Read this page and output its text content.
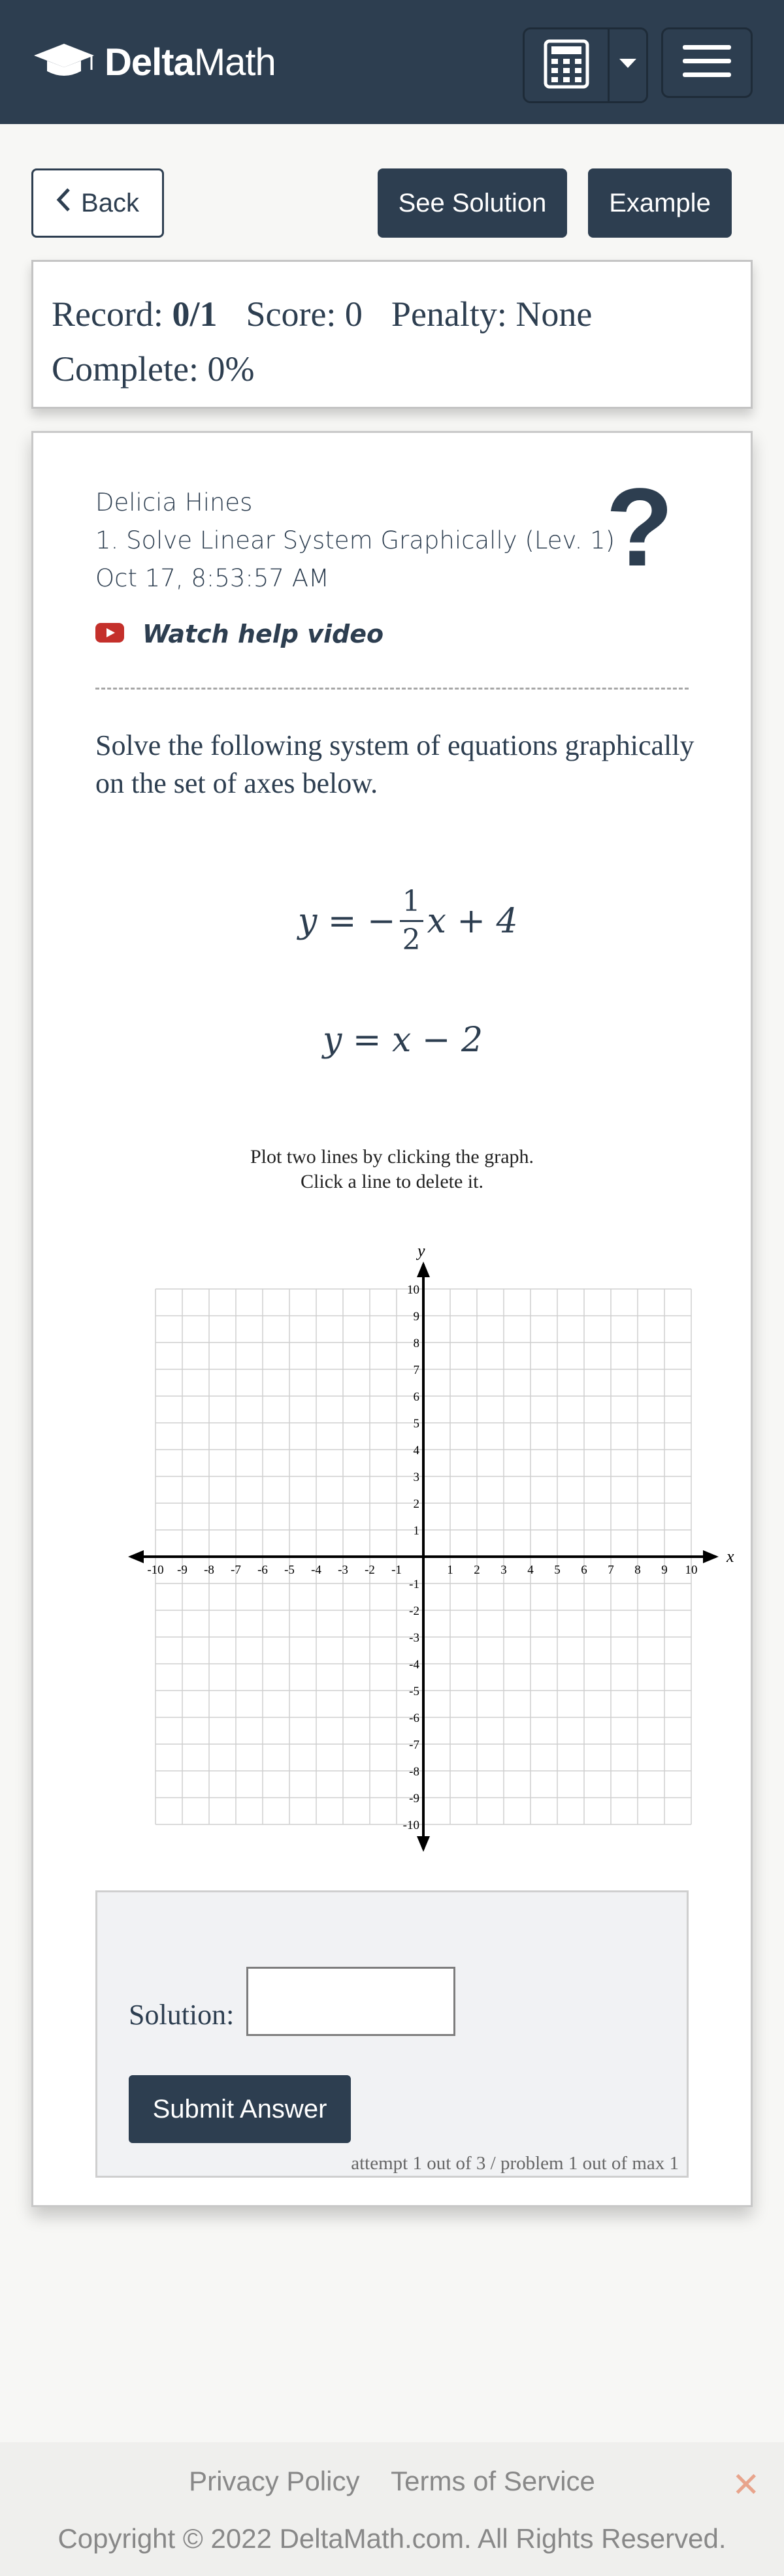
DeltaMath
Back	See Solution	Example
Record: 0/1 Score: 0 Penalty: None
Complete: 0%
Delicia Hines
1. Solve Linear System Graphically (Lev. 1)
Oct 17, 8:53:57 AM	?
Watch help video
Solve the following system of equations graphically on the set of axes below.
y = − $\frac{1}{2}$ x + 4
y = x − 2
Plot two lines by clicking the graph.
Click a line to delete it.
x
y
-10 -9 -8 -7 -6 -5 -4 -3 -2 -1	1 2 3 4 5 6 7 8 9 10
10
9
8
7
6
5
4
3
2
1
-1
-2
-3
-4
-5
-6
-7
-8
-9
-10
Solution:
Submit Answer
attempt 1 out of 3 / problem 1 out of max 1
Privacy Policy Terms of Service	✕
Copyright © 2022 DeltaMath.com. All Rights Reserved.
